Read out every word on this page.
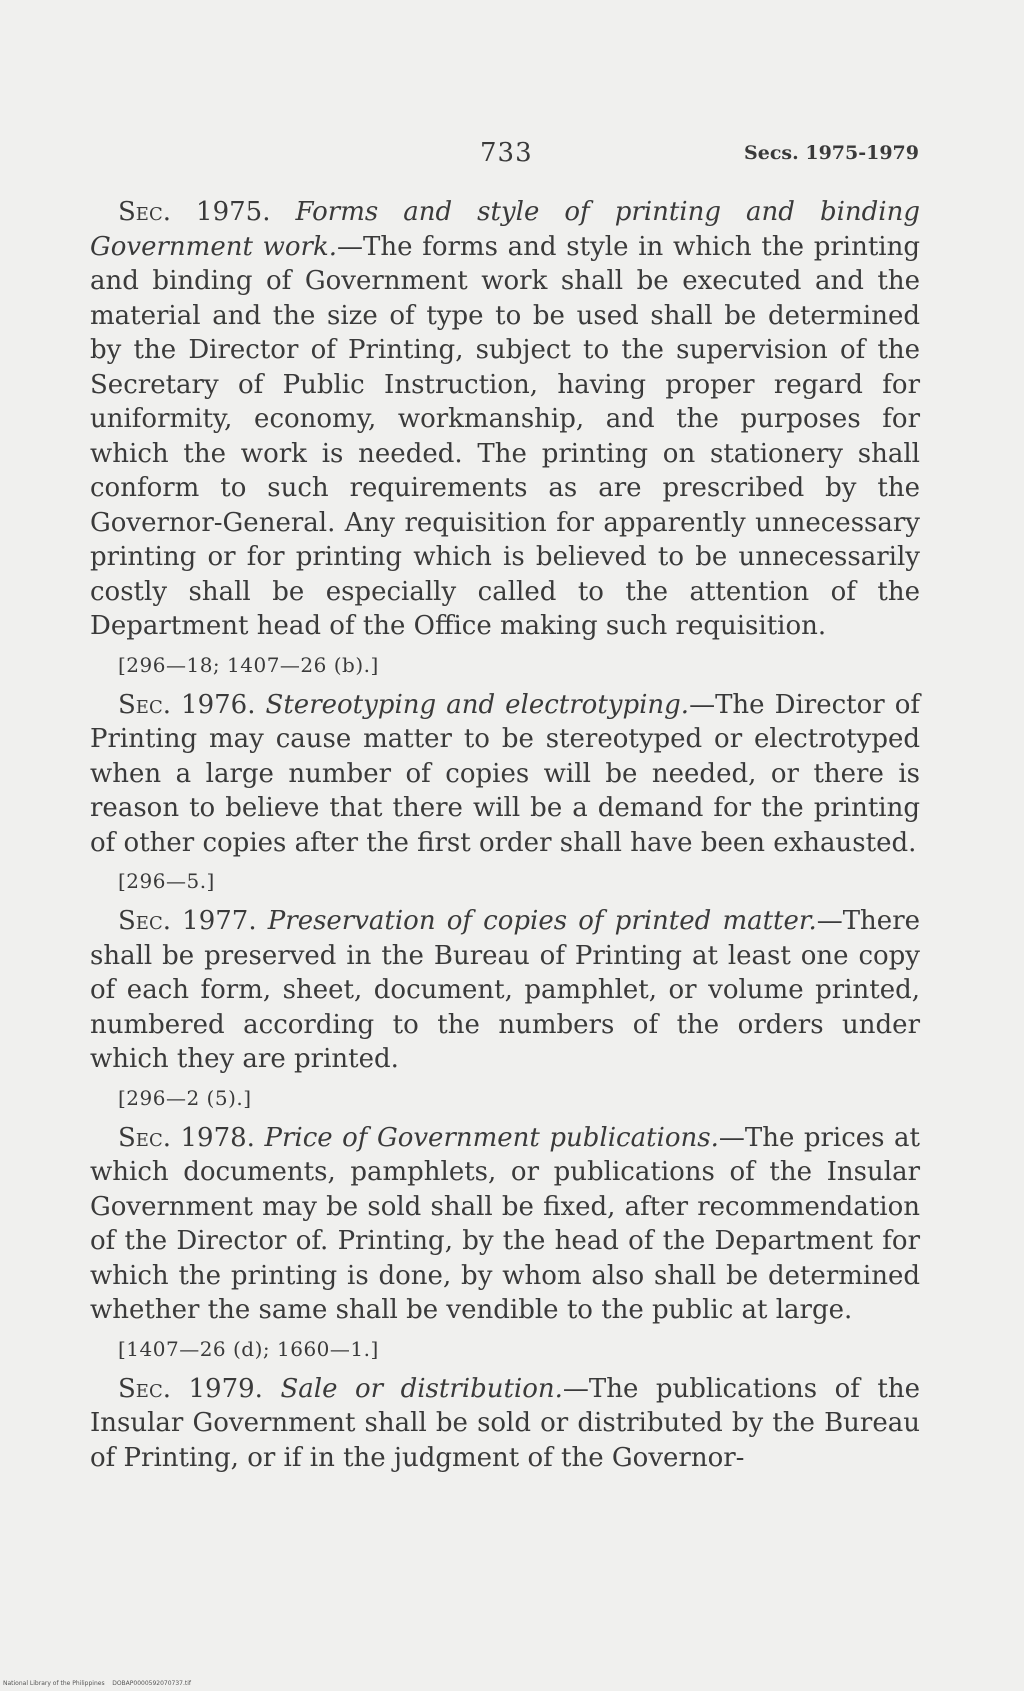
733	Secs. 1975-1979

Sec. 1975. Forms and style of printing and binding Government work.—The forms and style in which the printing and binding of Government work shall be executed and the material and the size of type to be used shall be determined by the Director of Printing, subject to the supervision of the Secretary of Public Instruction, having proper regard for uniformity, economy, workmanship, and the purposes for which the work is needed. The printing on stationery shall conform to such requirements as are prescribed by the Governor-General. Any requisition for apparently unnecessary printing or for printing which is believed to be unnecessarily costly shall be especially called to the attention of the Department head of the Office making such requisition.

[296—18; 1407—26 (b).]

Sec. 1976. Stereotyping and electrotyping.—The Director of Printing may cause matter to be stereotyped or electrotyped when a large number of copies will be needed, or there is reason to believe that there will be a demand for the printing of other copies after the first order shall have been exhausted.

[296—5.]

Sec. 1977. Preservation of copies of printed matter.—There shall be preserved in the Bureau of Printing at least one copy of each form, sheet, document, pamphlet, or volume printed, numbered according to the numbers of the orders under which they are printed.

[296—2 (5).]

Sec. 1978. Price of Government publications.—The prices at which documents, pamphlets, or publications of the Insular Government may be sold shall be fixed, after recommendation of the Director of. Printing, by the head of the Department for which the printing is done, by whom also shall be determined whether the same shall be vendible to the public at large.

[1407—26 (d); 1660—1.]

Sec. 1979. Sale or distribution.—The publications of the Insular Government shall be sold or distributed by the Bureau of Printing, or if in the judgment of the Governor-

National Library of the Philippines    DOBAP0000592070737.tif
